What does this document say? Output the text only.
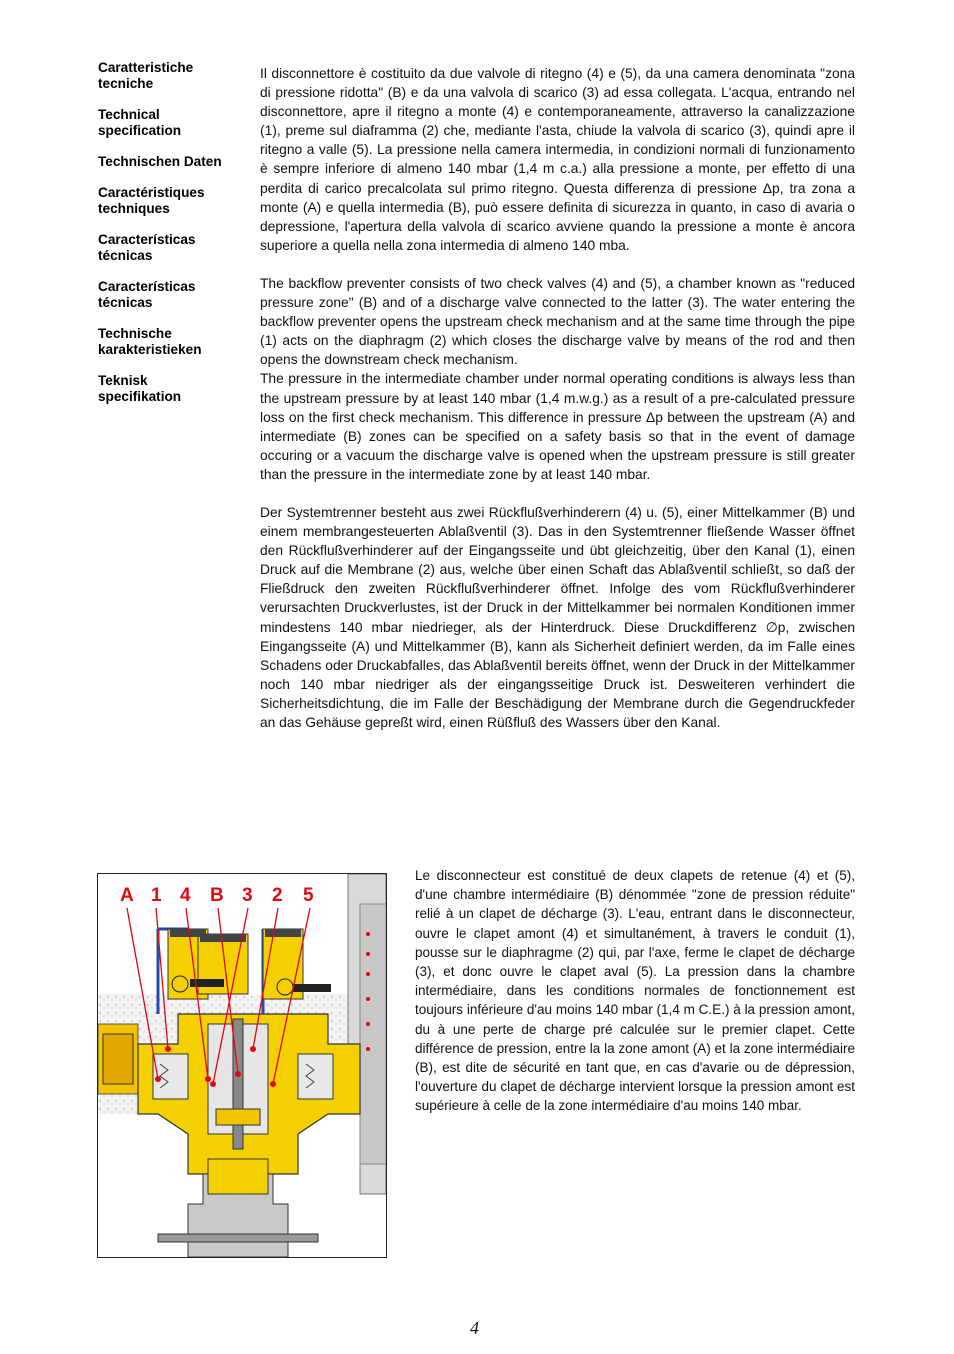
Caratteristiche
tecniche
Technical
specification
Technischen Daten
Caractéristiques
techniques
Características
técnicas
Características
técnicas
Technische
karakteristieken
Teknisk
specifikation

Il disconnettore è costituito da due valvole di ritegno (4) e (5), da una camera denominata "zona di pressione ridotta" (B) e da una valvola di scarico (3) ad essa collegata. L'acqua, entrando nel disconnettore, apre il ritegno a monte (4) e contemporaneamente, attraverso la canalizzazione (1), preme sul diaframma (2) che, mediante l'asta, chiude la valvola di scarico (3), quindi apre il ritegno a valle (5). La pressione nella camera intermedia, in condizioni normali di funzionamento è sempre inferiore di almeno 140 mbar (1,4 m c.a.) alla pressione a monte, per effetto di una perdita di carico precalcolata sul primo ritegno. Questa differenza di pressione Δp, tra zona a monte (A) e quella intermedia (B), può essere definita di sicurezza in quanto, in caso di avaria o depressione, l'apertura della valvola di scarico avviene quando la pressione a monte è ancora superiore a quella nella zona intermedia di almeno 140 mba.

The backflow preventer consists of two check valves (4) and (5), a chamber known as "reduced pressure zone" (B) and of a discharge valve connected to the latter (3). The water entering the backflow preventer opens the upstream check mechanism and at the same time through the pipe (1) acts on the diaphragm (2) which closes the discharge valve by means of the rod and then opens the downstream check mechanism.

The pressure in the intermediate chamber under normal operating conditions is always less than the upstream pressure by at least 140 mbar (1,4 m.w.g.) as a result of a pre-calculated pressure loss on the first check mechanism. This difference in pressure Δp between the upstream (A) and intermediate (B) zones can be specified on a safety basis so that in the event of damage occuring or a vacuum the discharge valve is opened when the upstream pressure is still greater than the pressure in the intermediate zone by at least 140 mbar.

Der Systemtrenner besteht aus zwei Rückflußverhinderern (4) u. (5), einer Mittelkammer (B) und einem membrangesteuerten Ablaßventil (3). Das in den Systemtrenner fließende Wasser öffnet den Rückflußverhinderer auf der Eingangsseite und übt gleichzeitig, über den Kanal (1), einen Druck auf die Membrane (2) aus, welche über einen Schaft das Ablaßventil schließt, so daß der Fließdruck den zweiten Rückflußverhinderer öffnet. Infolge des vom Rückflußverhinderer verursachten Druckverlustes, ist der Druck in der Mittelkammer bei normalen Konditionen immer mindestens 140 mbar niedrieger, als der Hinterdruck. Diese Druckdifferenz ∅p, zwischen Eingangsseite (A) und Mittelkammer (B), kann als Sicherheit definiert werden, da im Falle eines Schadens oder Druckabfalles, das Ablaßventil bereits öffnet, wenn der Druck in der Mittelkammer noch 140 mbar niedriger als der eingangsseitige Druck ist. Desweiteren verhindert die Sicherheitsdichtung, die im Falle der Beschädigung der Membrane durch die Gegendruckfeder an das Gehäuse gepreßt wird, einen Rüßfluß des Wassers über den Kanal.

A 1 4 B 3 2 5

Le disconnecteur est constitué de deux clapets de retenue (4) et (5), d'une chambre intermédiaire (B) dénommée "zone de pression réduite" relié à un clapet de décharge (3). L'eau, entrant dans le disconnecteur, ouvre le clapet amont (4) et simultanément, à travers le conduit (1), pousse sur le diaphragme (2) qui, par l'axe, ferme le clapet de décharge (3), et donc ouvre le clapet aval (5). La pression dans la chambre intermédiaire, dans les conditions normales de fonctionnement est toujours inférieure d'au moins 140 mbar (1,4 m C.E.) à la pression amont, du à une perte de charge pré calculée sur le premier clapet. Cette différence de pression, entre la la zone amont (A) et la zone intermédiaire (B), est dite de sécurité en tant que, en cas d'avarie ou de dépression, l'ouverture du clapet de décharge intervient lorsque la pression amont est supérieure à celle de la zone intermédiaire d'au moins 140 mbar.

4
